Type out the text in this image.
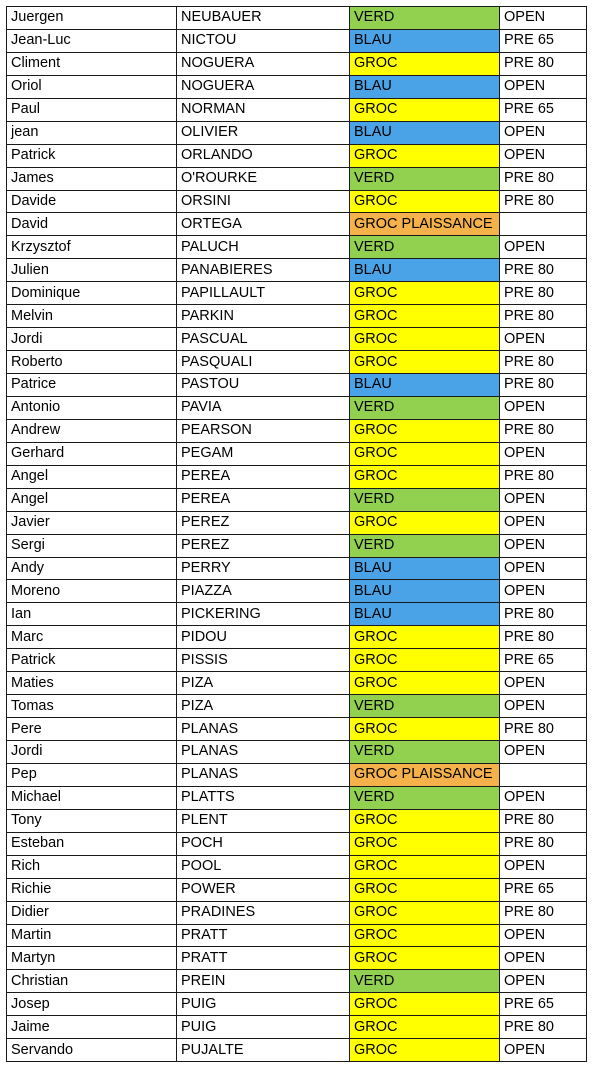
Juergen	NEUBAUER	VERD	OPEN
Jean-Luc	NICTOU	BLAU	PRE 65
Climent	NOGUERA	GROC	PRE 80
Oriol	NOGUERA	BLAU	OPEN
Paul	NORMAN	GROC	PRE 65
jean	OLIVIER	BLAU	OPEN
Patrick	ORLANDO	GROC	OPEN
James	O'ROURKE	VERD	PRE 80
Davide	ORSINI	GROC	PRE 80
David	ORTEGA	GROC PLAISSANCE	
Krzysztof	PALUCH	VERD	OPEN
Julien	PANABIERES	BLAU	PRE 80
Dominique	PAPILLAULT	GROC	PRE 80
Melvin	PARKIN	GROC	PRE 80
Jordi	PASCUAL	GROC	OPEN
Roberto	PASQUALI	GROC	PRE 80
Patrice	PASTOU	BLAU	PRE 80
Antonio	PAVIA	VERD	OPEN
Andrew	PEARSON	GROC	PRE 80
Gerhard	PEGAM	GROC	OPEN
Angel	PEREA	GROC	PRE 80
Angel	PEREA	VERD	OPEN
Javier	PEREZ	GROC	OPEN
Sergi	PEREZ	VERD	OPEN
Andy	PERRY	BLAU	OPEN
Moreno	PIAZZA	BLAU	OPEN
Ian	PICKERING	BLAU	PRE 80
Marc	PIDOU	GROC	PRE 80
Patrick	PISSIS	GROC	PRE 65
Maties	PIZA	GROC	OPEN
Tomas	PIZA	VERD	OPEN
Pere	PLANAS	GROC	PRE 80
Jordi	PLANAS	VERD	OPEN
Pep	PLANAS	GROC PLAISSANCE	
Michael	PLATTS	VERD	OPEN
Tony	PLENT	GROC	PRE 80
Esteban	POCH	GROC	PRE 80
Rich	POOL	GROC	OPEN
Richie	POWER	GROC	PRE 65
Didier	PRADINES	GROC	PRE 80
Martin	PRATT	GROC	OPEN
Martyn	PRATT	GROC	OPEN
Christian	PREIN	VERD	OPEN
Josep	PUIG	GROC	PRE 65
Jaime	PUIG	GROC	PRE 80
Servando	PUJALTE	GROC	OPEN
